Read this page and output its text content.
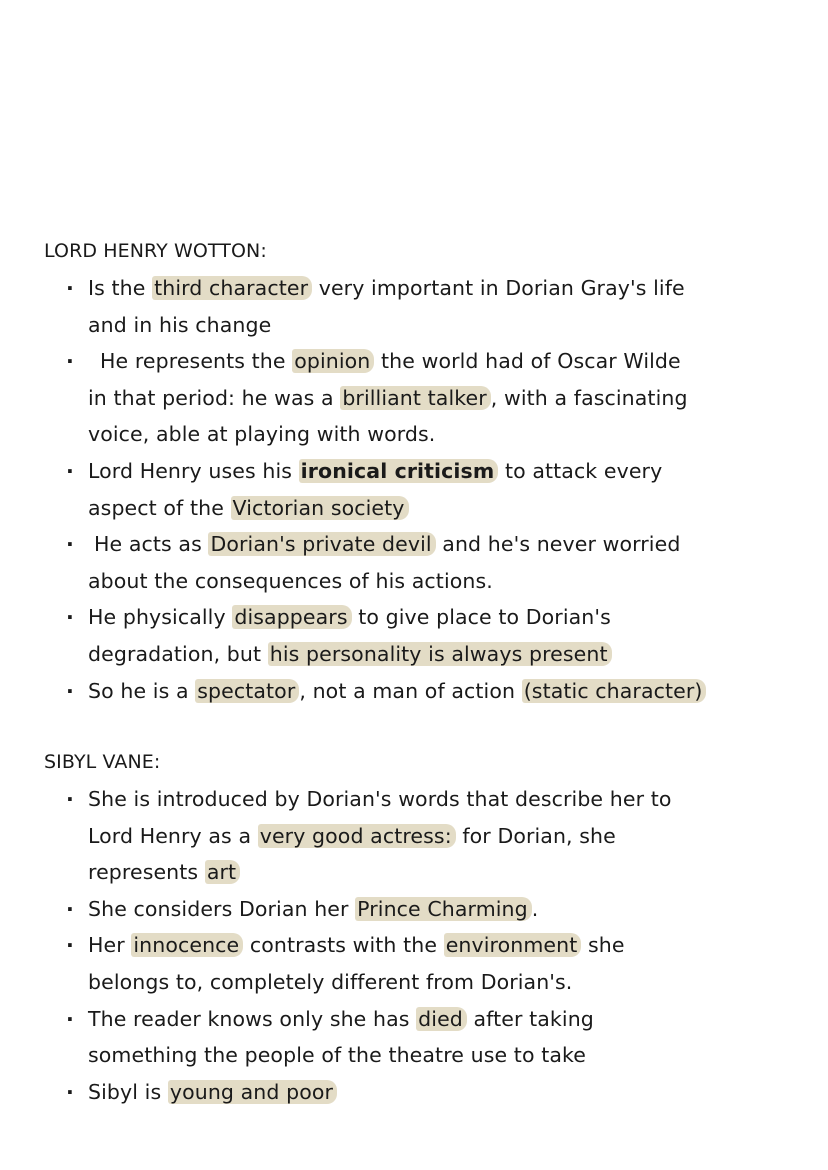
LORD HENRY WOTTON:
· Is the third character very important in Dorian Gray's life
and in his change
·	He represents the opinion the world had of Oscar Wilde
in that period: he was a brilliant talker , with a fascinating
voice, able at playing with words.
· Lord Henry uses his ironical criticism to attack every
aspect of the Victorian society
· He acts as Dorian's private devil and he's never worried
about the consequences of his actions.
· He physically disappears to give place to Dorian's
degradation, but his personality is always present
· So he is a spectator , not a man of action (static character)
SIBYL VANE:
· She is introduced by Dorian's words that describe her to
Lord Henry as a very good actress: for Dorian, she
represents art
· She considers Dorian her Prince Charming .
· Her innocence contrasts with the environment she
belongs to, completely different from Dorian's.
· The reader knows only she has died after taking
something the people of the theatre use to take
· Sibyl is young and poor
